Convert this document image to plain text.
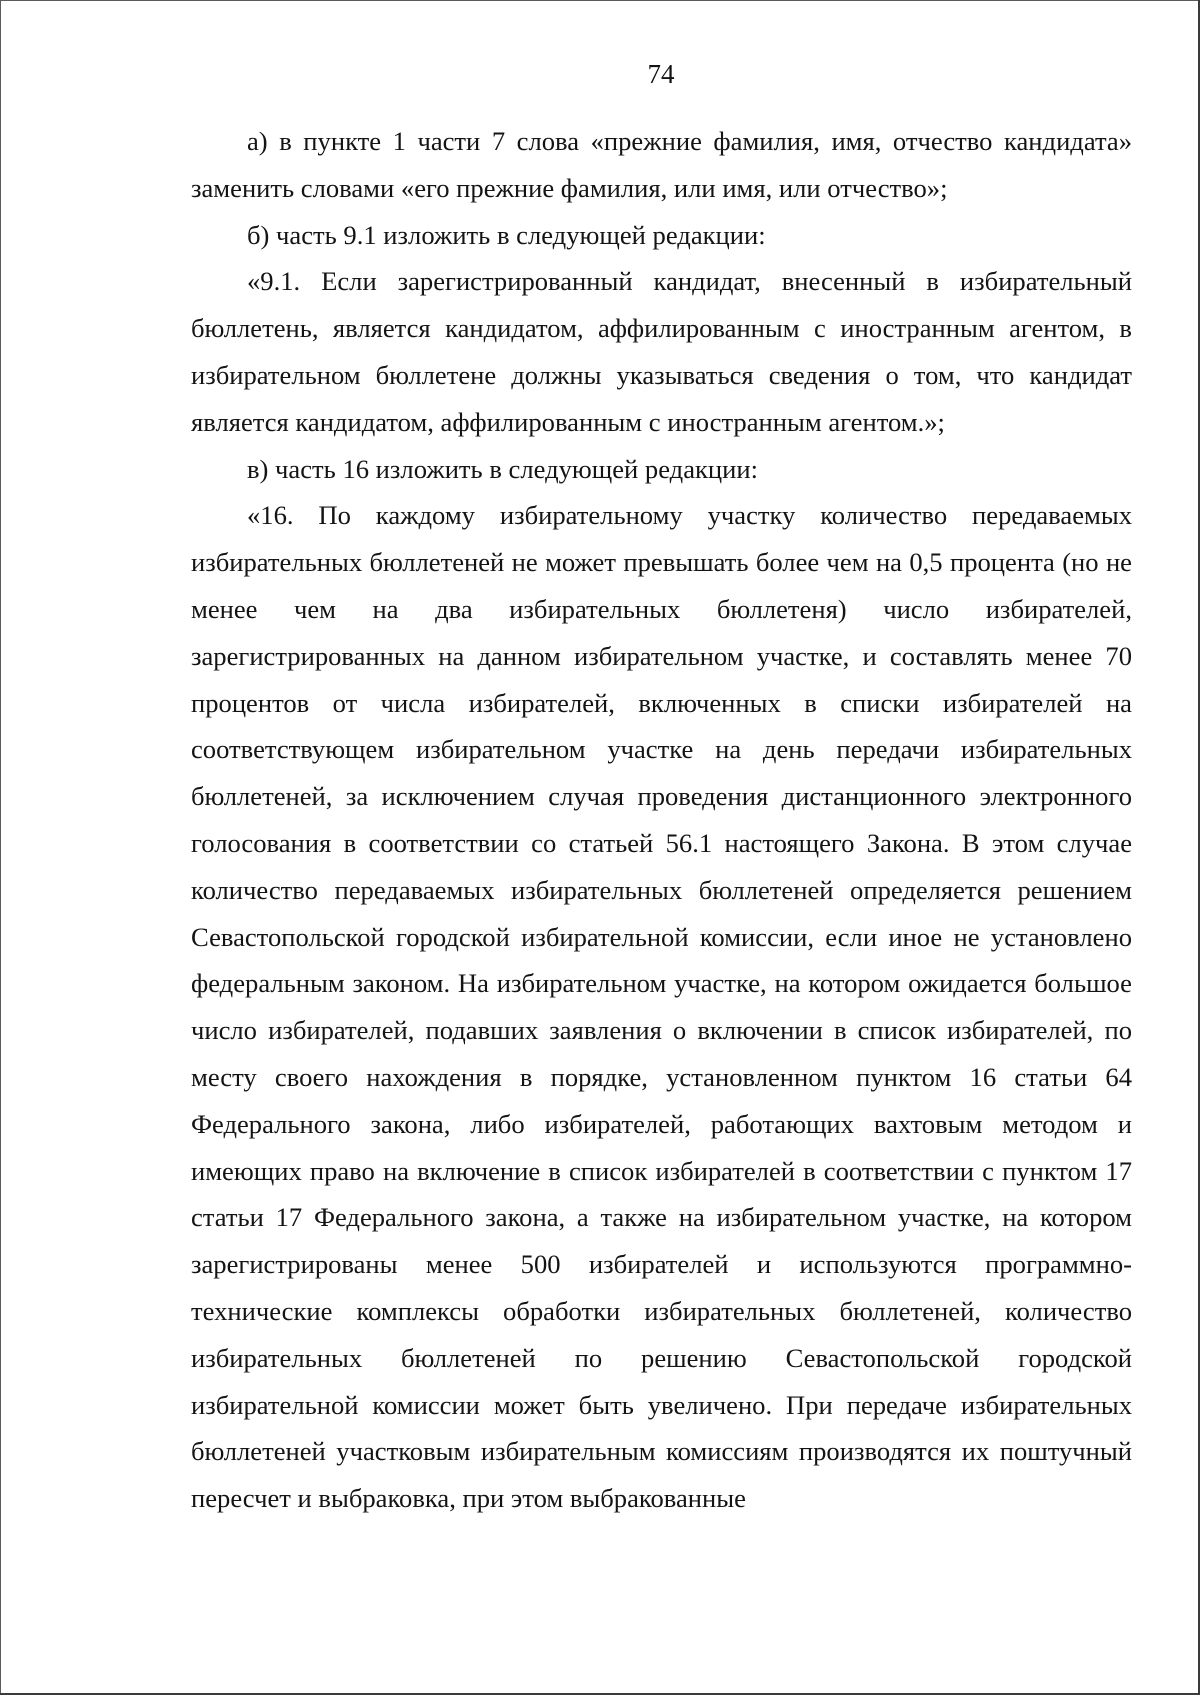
74

а) в пункте 1 части 7 слова «прежние фамилия, имя, отчество кандидата» заменить словами «его прежние фамилия, или имя, или отчество»;

б) часть 9.1 изложить в следующей редакции:

«9.1. Если зарегистрированный кандидат, внесенный в избирательный бюллетень, является кандидатом, аффилированным с иностранным агентом, в избирательном бюллетене должны указываться сведения о том, что кандидат является кандидатом, аффилированным с иностранным агентом.»;

в) часть 16 изложить в следующей редакции:

«16. По каждому избирательному участку количество передаваемых избирательных бюллетеней не может превышать более чем на 0,5 процента (но не менее чем на два избирательных бюллетеня) число избирателей, зарегистрированных на данном избирательном участке, и составлять менее 70 процентов от числа избирателей, включенных в списки избирателей на соответствующем избирательном участке на день передачи избирательных бюллетеней, за исключением случая проведения дистанционного электронного голосования в соответствии со статьей 56.1 настоящего Закона. В этом случае количество передаваемых избирательных бюллетеней определяется решением Севастопольской городской избирательной комиссии, если иное не установлено федеральным законом. На избирательном участке, на котором ожидается большое число избирателей, подавших заявления о включении в список избирателей, по месту своего нахождения в порядке, установленном пунктом 16 статьи 64 Федерального закона, либо избирателей, работающих вахтовым методом и имеющих право на включение в список избирателей в соответствии с пунктом 17 статьи 17 Федерального закона, а также на избирательном участке, на котором зарегистрированы менее 500 избирателей и используются программно-технические комплексы обработки избирательных бюллетеней, количество избирательных бюллетеней по решению Севастопольской городской избирательной комиссии может быть увеличено. При передаче избирательных бюллетеней участковым избирательным комиссиям производятся их поштучный пересчет и выбраковка, при этом выбракованные
